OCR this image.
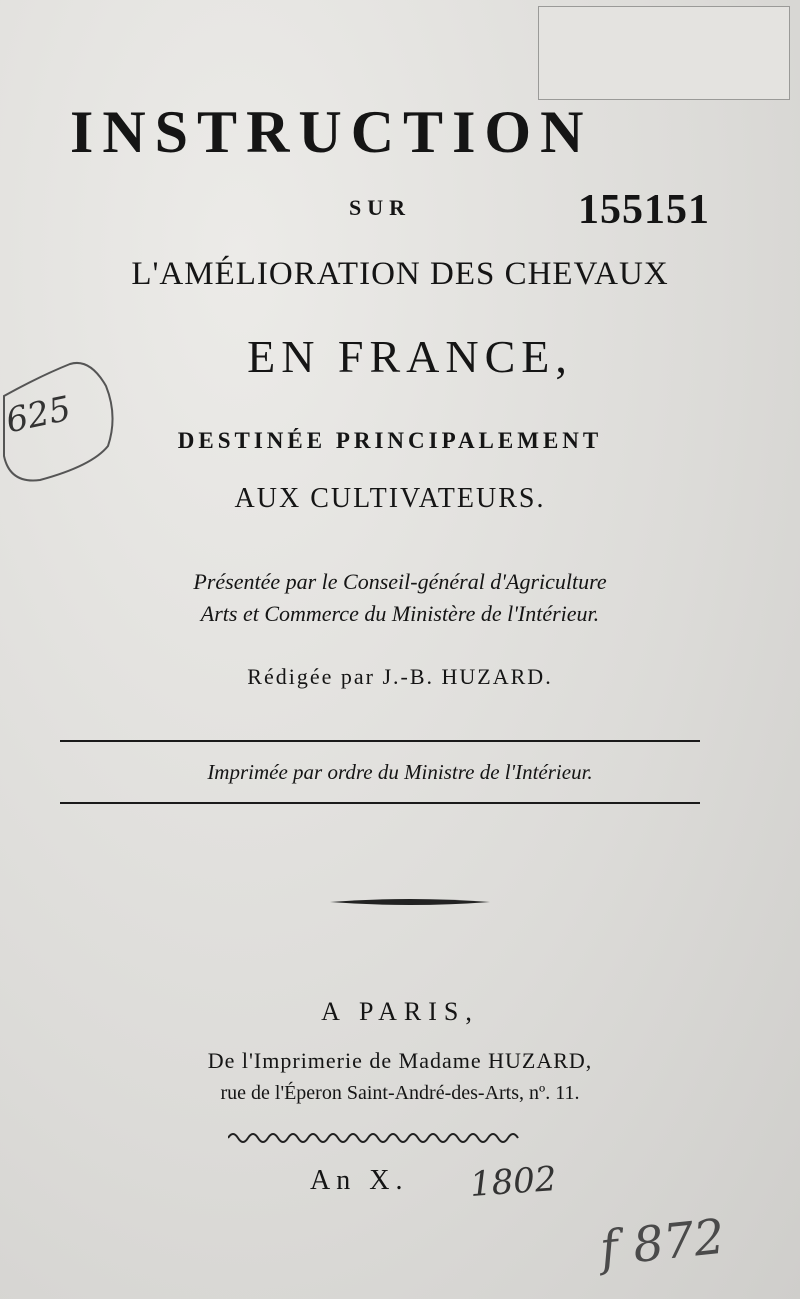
INSTRUCTION
SUR	155151
L'AMÉLIORATION DES CHEVAUX
EN FRANCE,
DESTINÉE PRINCIPALEMENT
AUX CULTIVATEURS.
Présentée par le Conseil-général d'Agriculture
Arts et Commerce du Ministère de l'Intérieur.
Rédigée par J.-B. HUZARD.
Imprimée par ordre du Ministre de l'Intérieur.
A PARIS,
De l'Imprimerie de Madame HUZARD,
rue de l'Éperon Saint-André-des-Arts, nº. 11.
An X. 1802
625
f 872
